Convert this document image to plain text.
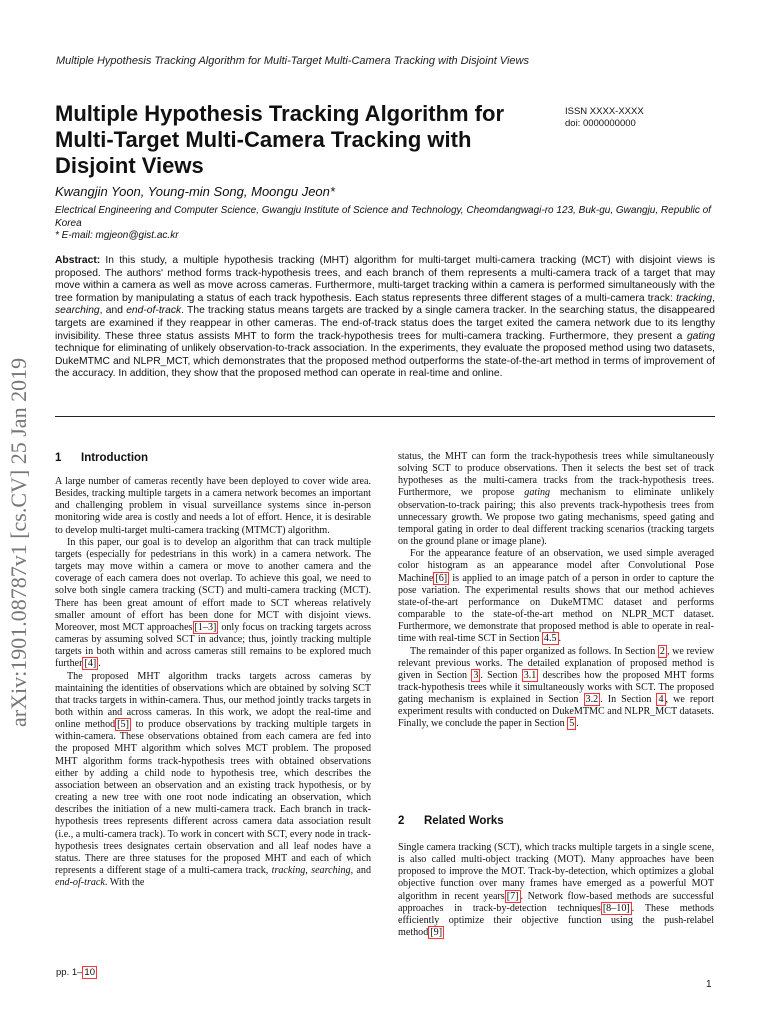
Multiple Hypothesis Tracking Algorithm for Multi-Target Multi-Camera Tracking with Disjoint Views
Multiple Hypothesis Tracking Algorithm for Multi-Target Multi-Camera Tracking with Disjoint Views
ISSN XXXX-XXXX
doi: 0000000000
Kwangjin Yoon, Young-min Song, Moongu Jeon*
Electrical Engineering and Computer Science, Gwangju Institute of Science and Technology, Cheomdangwagi-ro 123, Buk-gu, Gwangju, Republic of Korea
* E-mail: mgjeon@gist.ac.kr
Abstract: In this study, a multiple hypothesis tracking (MHT) algorithm for multi-target multi-camera tracking (MCT) with disjoint views is proposed. The authors' method forms track-hypothesis trees, and each branch of them represents a multi-camera track of a target that may move within a camera as well as move across cameras. Furthermore, multi-target tracking within a camera is performed simultaneously with the tree formation by manipulating a status of each track hypothesis. Each status represents three different stages of a multi-camera track: tracking, searching, and end-of-track. The tracking status means targets are tracked by a single camera tracker. In the searching status, the disappeared targets are examined if they reappear in other cameras. The end-of-track status does the target exited the camera network due to its lengthy invisibility. These three status assists MHT to form the track-hypothesis trees for multi-camera tracking. Furthermore, they present a gating technique for eliminating of unlikely observation-to-track association. In the experiments, they evaluate the proposed method using two datasets, DukeMTMC and NLPR_MCT, which demonstrates that the proposed method outperforms the state-of-the-art method in terms of improvement of the accuracy. In addition, they show that the proposed method can operate in real-time and online.
arXiv:1901.08787v1 [cs.CV] 25 Jan 2019	1 Introduction

A large number of cameras recently have been deployed to cover wide area. Besides, tracking multiple targets in a camera network becomes an important and challenging problem in visual surveillance systems since in-person monitoring wide area is costly and needs a lot of effort. Hence, it is desirable to develop multi-target multi-camera tracking (MTMCT) algorithm.

In this paper, our goal is to develop an algorithm that can track multiple targets (especially for pedestrians in this work) in a camera network. The targets may move within a camera or move to another camera and the coverage of each camera does not overlap. To achieve this goal, we need to solve both single camera tracking (SCT) and multi-camera tracking (MCT). There has been great amount of effort made to SCT whereas relatively smaller amount of effort has been done for MCT with disjoint views. Moreover, most MCT approaches [1–3] only focus on tracking targets across cameras by assuming solved SCT in advance; thus, jointly tracking multiple targets in both within and across cameras still remains to be explored much further [4] .

The proposed MHT algorithm tracks targets across cameras by maintaining the identities of observations which are obtained by solving SCT that tracks targets in within-camera. Thus, our method jointly tracks targets in both within and across cameras. In this work, we adopt the real-time and online method [5] to produce observations by tracking multiple targets in within-camera. These observations obtained from each camera are fed into the proposed MHT algorithm which solves MCT problem. The proposed MHT algorithm forms track-hypothesis trees with obtained observations either by adding a child node to hypothesis tree, which describes the association between an observation and an existing track hypothesis, or by creating a new tree with one root node indicating an observation, which describes the initiation of a new multi-camera track. Each branch in track-hypothesis trees represents different across camera data association result (i.e., a multi-camera track). To work in concert with SCT, every node in track-hypothesis trees designates certain observation and all leaf nodes have a status. There are three statuses for the proposed MHT and each of which represents a different stage of a multi-camera track, tracking, searching, and end-of-track. With the

status, the MHT can form the track-hypothesis trees while simultaneously solving SCT to produce observations. Then it selects the best set of track hypotheses as the multi-camera tracks from the track-hypothesis trees. Furthermore, we propose gating mechanism to eliminate unlikely observation-to-track pairing; this also prevents track-hypothesis trees from unnecessary growth. We propose two gating mechanisms, speed gating and temporal gating in order to deal different tracking scenarios (tracking targets on the ground plane or image plane).

For the appearance feature of an observation, we used simple averaged color histogram as an appearance model after Convolutional Pose Machine [6] is applied to an image patch of a person in order to capture the pose variation. The experimental results shows that our method achieves state-of-the-art performance on DukeMTMC dataset and performs comparable to the state-of-the-art method on NLPR_MCT dataset. Furthermore, we demonstrate that proposed method is able to operate in real-time with real-time SCT in Section 4.5 .

The remainder of this paper organized as follows. In Section 2 , we review relevant previous works. The detailed explanation of proposed method is given in Section 3 . Section 3.1 describes how the proposed MHT forms track-hypothesis trees while it simultaneously works with SCT. The proposed gating mechanism is explained in Section 3.2 . In Section 4 , we report experiment results with conducted on DukeMTMC and NLPR_MCT datasets. Finally, we conclude the paper in Section 5 .

2 Related Works

Single camera tracking (SCT), which tracks multiple targets in a single scene, is also called multi-object tracking (MOT). Many approaches have been proposed to improve the MOT. Track-by-detection, which optimizes a global objective function over many frames have emerged as a powerful MOT algorithm in recent years [7] . Network flow-based methods are successful approaches in track-by-detection techniques [8–10] . These methods efficiently optimize their objective function using the push-relabel method [9]

pp. 1– 10
1
